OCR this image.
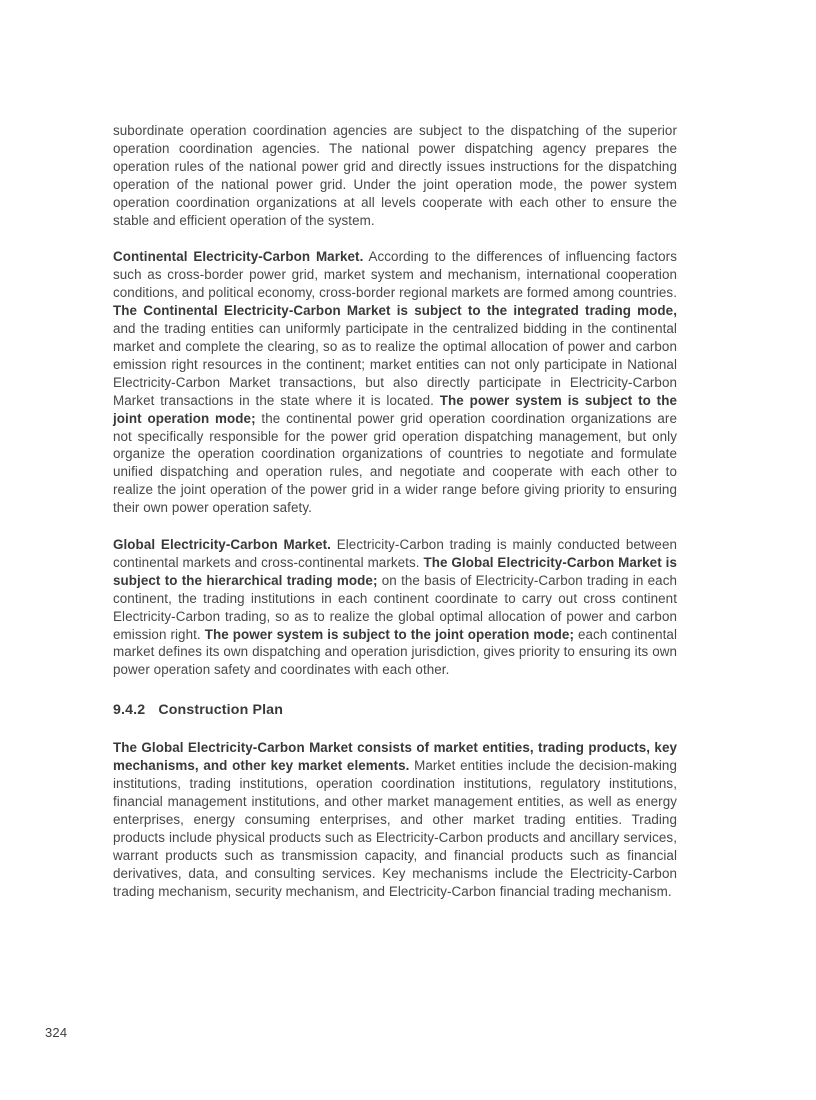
subordinate operation coordination agencies are subject to the dispatching of the superior operation coordination agencies. The national power dispatching agency prepares the operation rules of the national power grid and directly issues instructions for the dispatching operation of the national power grid. Under the joint operation mode, the power system operation coordination organizations at all levels cooperate with each other to ensure the stable and efficient operation of the system.

Continental Electricity-Carbon Market. According to the differences of influencing factors such as cross-border power grid, market system and mechanism, international cooperation conditions, and political economy, cross-border regional markets are formed among countries. The Continental Electricity-Carbon Market is subject to the integrated trading mode, and the trading entities can uniformly participate in the centralized bidding in the continental market and complete the clearing, so as to realize the optimal allocation of power and carbon emission right resources in the continent; market entities can not only participate in National Electricity-Carbon Market transactions, but also directly participate in Electricity-Carbon Market transactions in the state where it is located. The power system is subject to the joint operation mode; the continental power grid operation coordination organizations are not specifically responsible for the power grid operation dispatching management, but only organize the operation coordination organizations of countries to negotiate and formulate unified dispatching and operation rules, and negotiate and cooperate with each other to realize the joint operation of the power grid in a wider range before giving priority to ensuring their own power operation safety.

Global Electricity-Carbon Market. Electricity-Carbon trading is mainly conducted between continental markets and cross-continental markets. The Global Electricity-Carbon Market is subject to the hierarchical trading mode; on the basis of Electricity-Carbon trading in each continent, the trading institutions in each continent coordinate to carry out cross continent Electricity-Carbon trading, so as to realize the global optimal allocation of power and carbon emission right. The power system is subject to the joint operation mode; each continental market defines its own dispatching and operation jurisdiction, gives priority to ensuring its own power operation safety and coordinates with each other.

9.4.2 Construction Plan

The Global Electricity-Carbon Market consists of market entities, trading products, key mechanisms, and other key market elements. Market entities include the decision-making institutions, trading institutions, operation coordination institutions, regulatory institutions, financial management institutions, and other market management entities, as well as energy enterprises, energy consuming enterprises, and other market trading entities. Trading products include physical products such as Electricity-Carbon products and ancillary services, warrant products such as transmission capacity, and financial products such as financial derivatives, data, and consulting services. Key mechanisms include the Electricity-Carbon trading mechanism, security mechanism, and Electricity-Carbon financial trading mechanism.

324
